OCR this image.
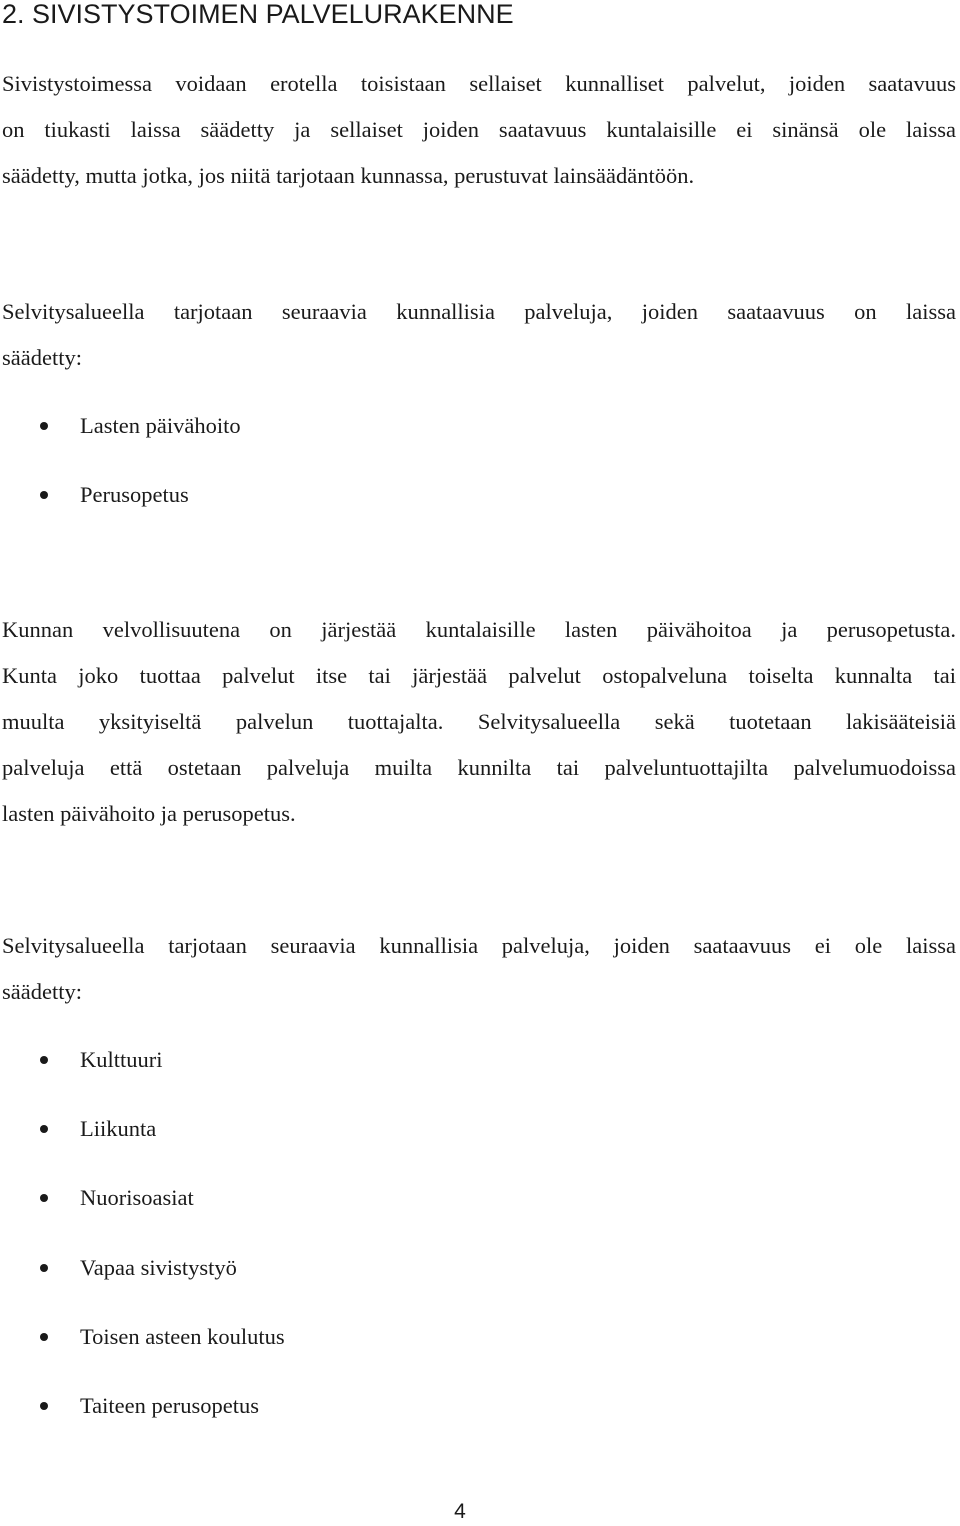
2. SIVISTYSTOIMEN PALVELURAKENNE

Sivistystoimessa voidaan erotella toisistaan sellaiset kunnalliset palvelut, joiden saatavuus
on tiukasti laissa säädetty ja sellaiset joiden saatavuus kuntalaisille ei sinänsä ole laissa
säädetty, mutta jotka, jos niitä tarjotaan kunnassa, perustuvat lainsäädäntöön.

Selvitysalueella tarjotaan seuraavia kunnallisia palveluja, joiden saataavuus on laissa
säädetty:

Lasten päivähoito
Perusopetus

Kunnan velvollisuutena on järjestää kuntalaisille lasten päivähoitoa ja perusopetusta.
Kunta joko tuottaa palvelut itse tai järjestää palvelut ostopalveluna toiselta kunnalta tai
muulta yksityiseltä palvelun tuottajalta. Selvitysalueella sekä tuotetaan lakisääteisiä
palveluja että ostetaan palveluja muilta kunnilta tai palveluntuottajilta palvelumuodoissa
lasten päivähoito ja perusopetus.

Selvitysalueella tarjotaan seuraavia kunnallisia palveluja, joiden saataavuus ei ole laissa
säädetty:

Kulttuuri
Liikunta
Nuorisoasiat
Vapaa sivistystyö
Toisen asteen koulutus
Taiteen perusopetus
4
